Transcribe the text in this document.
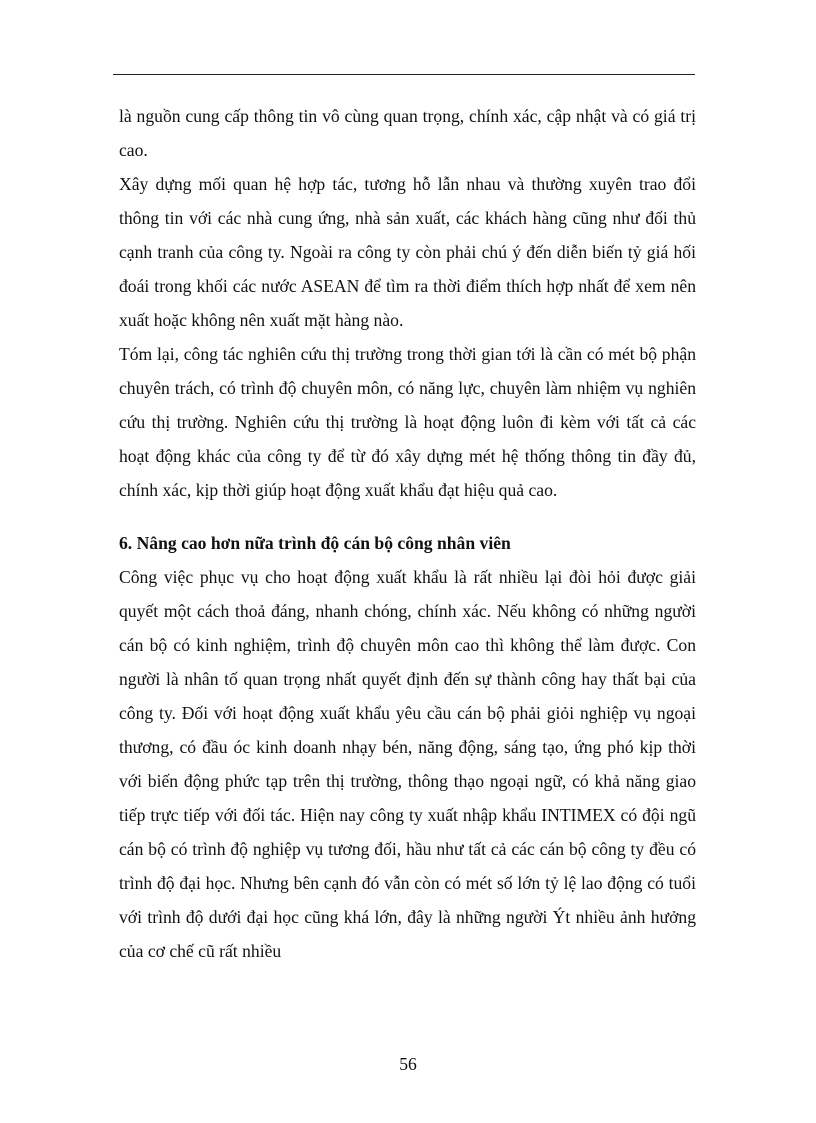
là nguồn cung cấp thông tin vô cùng quan trọng, chính xác, cập nhật và có giá trị cao.

Xây dựng mối quan hệ hợp tác, tương hỗ lẫn nhau và thường xuyên trao đổi thông tin với các nhà cung ứng, nhà sản xuất, các khách hàng cũng như đối thủ cạnh tranh của công ty. Ngoài ra công ty còn phải chú ý đến diễn biến tỷ giá hối đoái trong khối các nước ASEAN để tìm ra thời điểm thích hợp nhất để xem nên xuất hoặc không nên xuất mặt hàng nào.

Tóm lại, công tác nghiên cứu thị trường trong thời gian tới là cần có mét bộ phận chuyên trách, có trình độ chuyên môn, có năng lực, chuyên làm nhiệm vụ nghiên cứu thị trường. Nghiên cứu thị trường là hoạt động luôn đi kèm với tất cả các hoạt động khác của công ty để từ đó xây dựng mét hệ thống thông tin đầy đủ, chính xác, kịp thời giúp hoạt động xuất khẩu đạt hiệu quả cao.

6. Nâng cao hơn nữa trình độ cán bộ công nhân viên

Công việc phục vụ cho hoạt động xuất khẩu là rất nhiều lại đòi hỏi được giải quyết một cách thoả đáng, nhanh chóng, chính xác. Nếu không có những người cán bộ có kinh nghiệm, trình độ chuyên môn cao thì không thể làm được. Con người là nhân tố quan trọng nhất quyết định đến sự thành công hay thất bại của công ty. Đối với hoạt động xuất khẩu yêu cầu cán bộ phải giỏi nghiệp vụ ngoại thương, có đầu óc kinh doanh nhạy bén, năng động, sáng tạo, ứng phó kịp thời với biến động phức tạp trên thị trường, thông thạo ngoại ngữ, có khả năng giao tiếp trực tiếp với đối tác. Hiện nay công ty xuất nhập khẩu INTIMEX có đội ngũ cán bộ có trình độ nghiệp vụ tương đối, hầu như tất cả các cán bộ công ty đều có trình độ đại học. Nhưng bên cạnh đó vẫn còn có mét số lớn tỷ lệ lao động có tuổi với trình độ dưới đại học cũng khá lớn, đây là những người Ýt nhiều ảnh hưởng của cơ chế cũ rất nhiều

56
